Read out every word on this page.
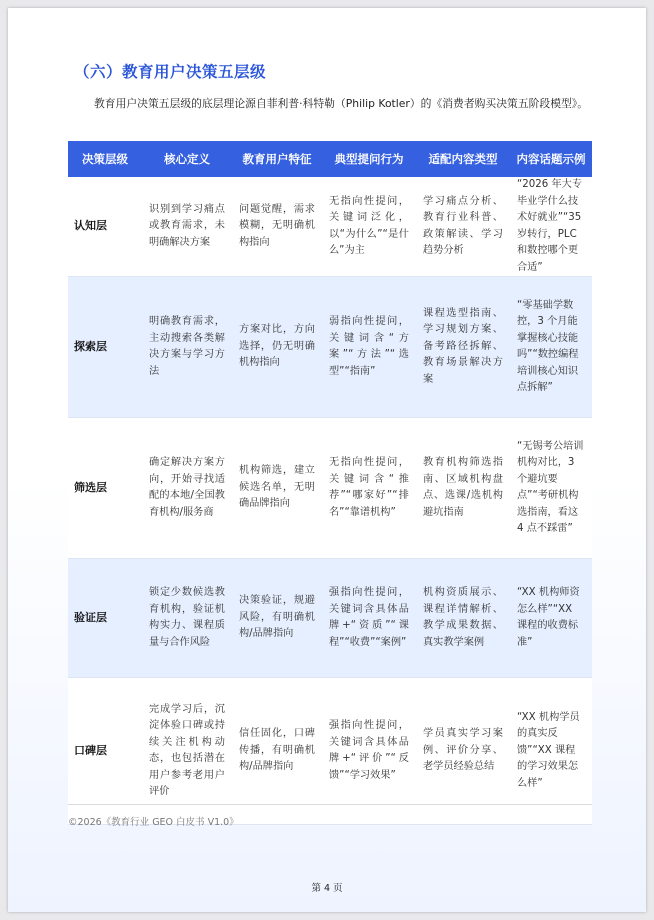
（六）教育用户决策五层级
教育用户决策五层级的底层理论源自菲利普·科特勒（Philip Kotler）的《消费者购买决策五阶段模型》。
决策层级	核心定义	教育用户特征	典型提问行为	适配内容类型	内容话题示例
认知层	识别到学习痛点或教育需求，未明确解决方案	问题觉醒，需求模糊，无明确机构指向	无指向性提问，关键词泛化，以“为什么”“是什么”为主	学习痛点分析、教育行业科普、政策解读、学习趋势分析	“2026 年大专毕业学什么技术好就业”“35 岁转行，PLC 和数控哪个更合适”
探索层	明确教育需求，主动搜索各类解决方案与学习方法	方案对比，方向选择，仍无明确机构指向	弱指向性提问，关键词含“方案”“方法”“选型”“指南”	课程选型指南、学习规划方案、备考路径拆解、教育场景解决方案	“零基础学数控，3 个月能掌握核心技能吗”“数控编程培训核心知识点拆解”
筛选层	确定解决方案方向，开始寻找适配的本地/全国教育机构/服务商	机构筛选，建立候选名单，无明确品牌指向	无指向性提问，关键词含“推荐”“哪家好”“排名”“靠谱机构”	教育机构筛选指南、区域机构盘点、选课/选机构避坑指南	“无锡考公培训机构对比，3 个避坑要点”“考研机构选指南，看这 4 点不踩雷”
验证层	锁定少数候选教育机构，验证机构实力、课程质量与合作风险	决策验证，规避风险，有明确机构/品牌指向	强指向性提问，关键词含具体品牌+“资质”“课程”“收费”“案例”	机构资质展示、课程详情解析、教学成果数据、真实教学案例	“XX 机构师资怎么样”“XX 课程的收费标准”
口碑层	完成学习后，沉淀体验口碑或持续关注机构动态，也包括潜在用户参考老用户评价	信任固化，口碑传播，有明确机构/品牌指向	强指向性提问，关键词含具体品牌+“评价”“反馈”“学习效果”	学员真实学习案例、评价分享、老学员经验总结	“XX 机构学员的真实反馈”“XX 课程的学习效果怎么样”
©2026《教育行业 GEO 白皮书 V1.0》
第 4 页
